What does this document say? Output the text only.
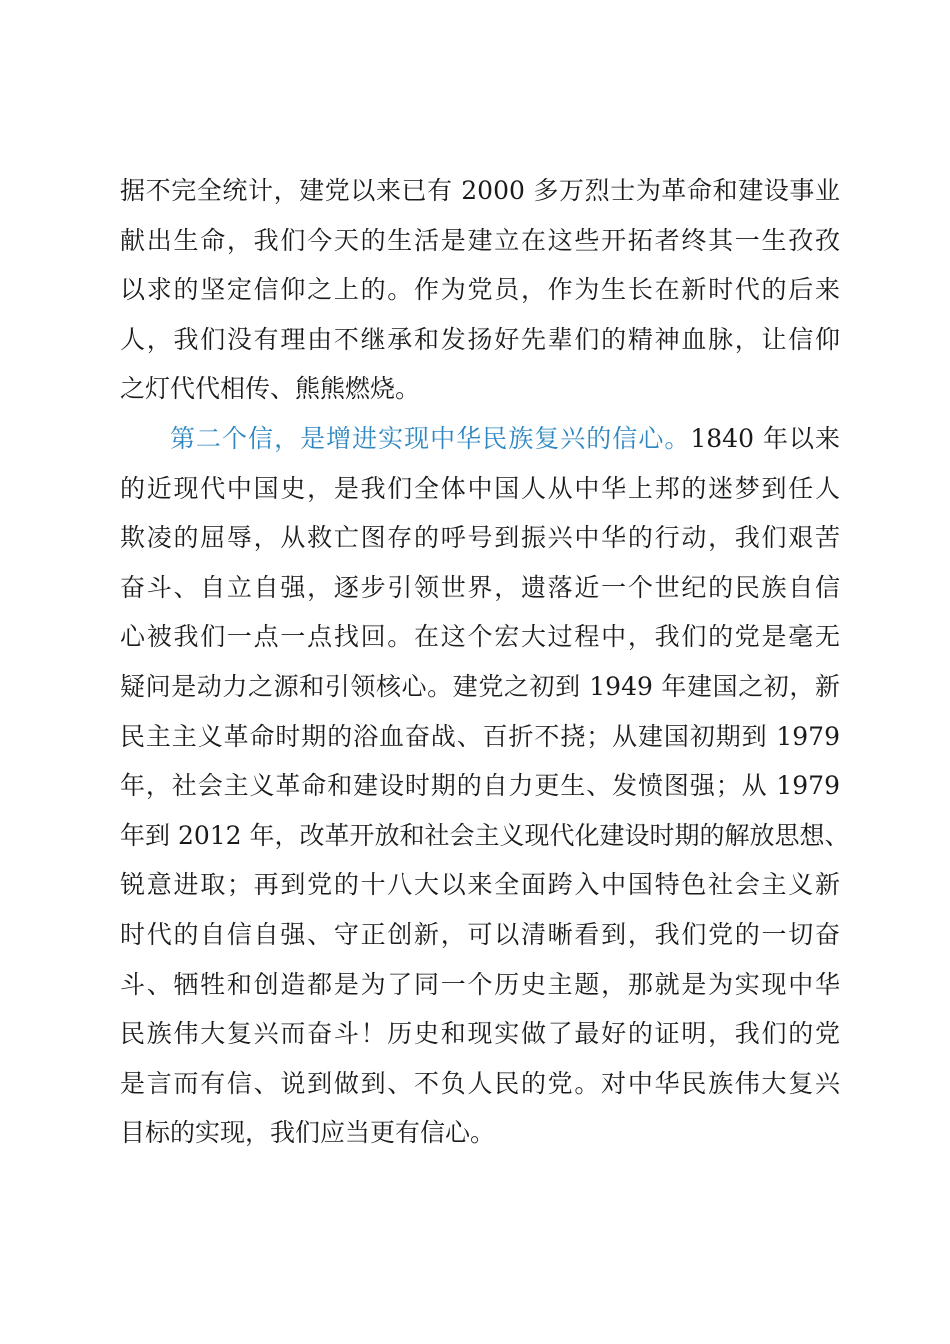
据不完全统计，建党以来已有 2000 多万烈士为革命和建设事业
献出生命，我们今天的生活是建立在这些开拓者终其一生孜孜
以求的坚定信仰之上的。作为党员，作为生长在新时代的后来
人，我们没有理由不继承和发扬好先辈们的精神血脉，让信仰
之灯代代相传、熊熊燃烧。
第二个信，是增进实现中华民族复兴的信心。1840 年以来
的近现代中国史，是我们全体中国人从中华上邦的迷梦到任人
欺凌的屈辱，从救亡图存的呼号到振兴中华的行动，我们艰苦
奋斗、自立自强，逐步引领世界，遗落近一个世纪的民族自信
心被我们一点一点找回。在这个宏大过程中，我们的党是毫无
疑问是动力之源和引领核心。建党之初到 1949 年建国之初，新
民主主义革命时期的浴血奋战、百折不挠；从建国初期到 1979
年，社会主义革命和建设时期的自力更生、发愤图强；从 1979
年到 2012 年，改革开放和社会主义现代化建设时期的解放思想、
锐意进取；再到党的十八大以来全面跨入中国特色社会主义新
时代的自信自强、守正创新，可以清晰看到，我们党的一切奋
斗、牺牲和创造都是为了同一个历史主题，那就是为实现中华
民族伟大复兴而奋斗！历史和现实做了最好的证明，我们的党
是言而有信、说到做到、不负人民的党。对中华民族伟大复兴
目标的实现，我们应当更有信心。
